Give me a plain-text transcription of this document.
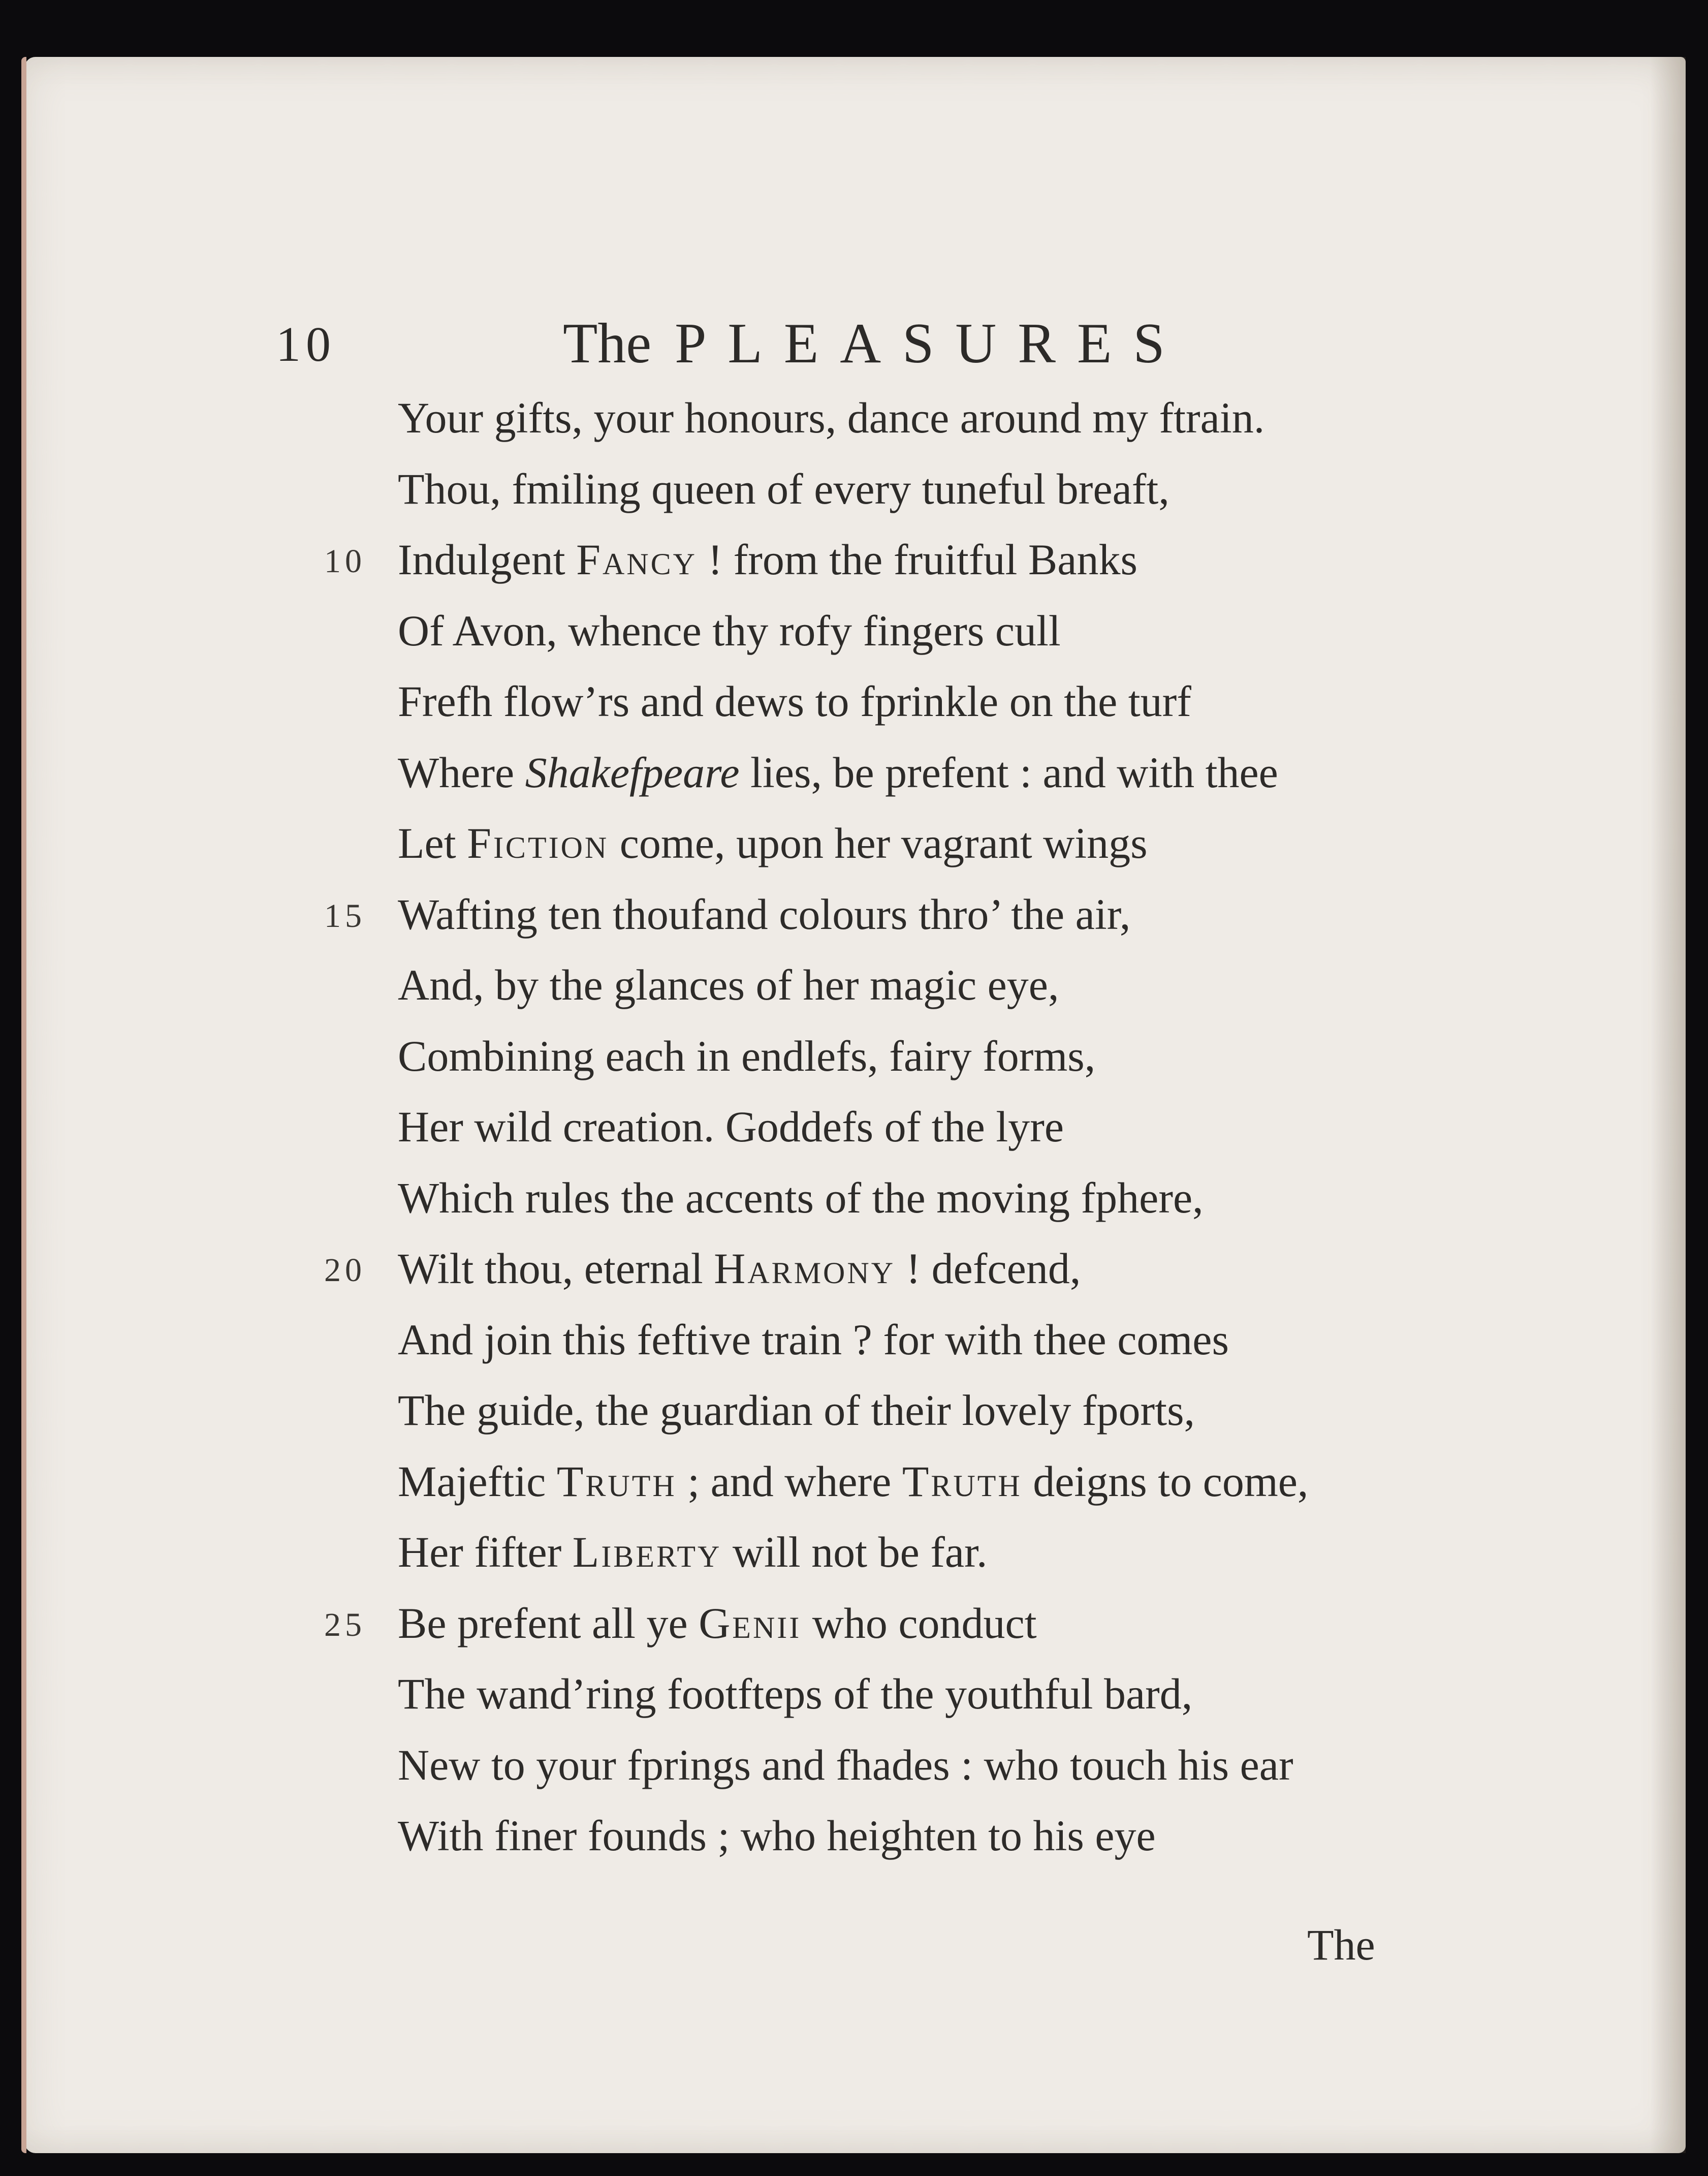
10	The PLEASURES
Your gifts, your honours, dance around my ftrain.
Thou, fmiling queen of every tuneful breaft,
Indulgent Fancy ! from the fruitful Banks
10
Of Avon, whence thy rofy fingers cull
Frefh flow’rs and dews to fprinkle on the turf
Where Shakefpeare lies, be prefent : and with thee
Let Fiction come, upon her vagrant wings
Wafting ten thoufand colours thro’ the air,
15
And, by the glances of her magic eye,
Combining each in endlefs, fairy forms,
Her wild creation. Goddefs of the lyre
Which rules the accents of the moving fphere,
Wilt thou, eternal Harmony ! defcend,
20
And join this feftive train ? for with thee comes
The guide, the guardian of their lovely fports,
Majeftic Truth ; and where Truth deigns to come,
Her fifter Liberty will not be far.
Be prefent all ye Genii who conduct
25
The wand’ring footfteps of the youthful bard,
New to your fprings and fhades : who touch his ear
With finer founds ; who heighten to his eye
The
